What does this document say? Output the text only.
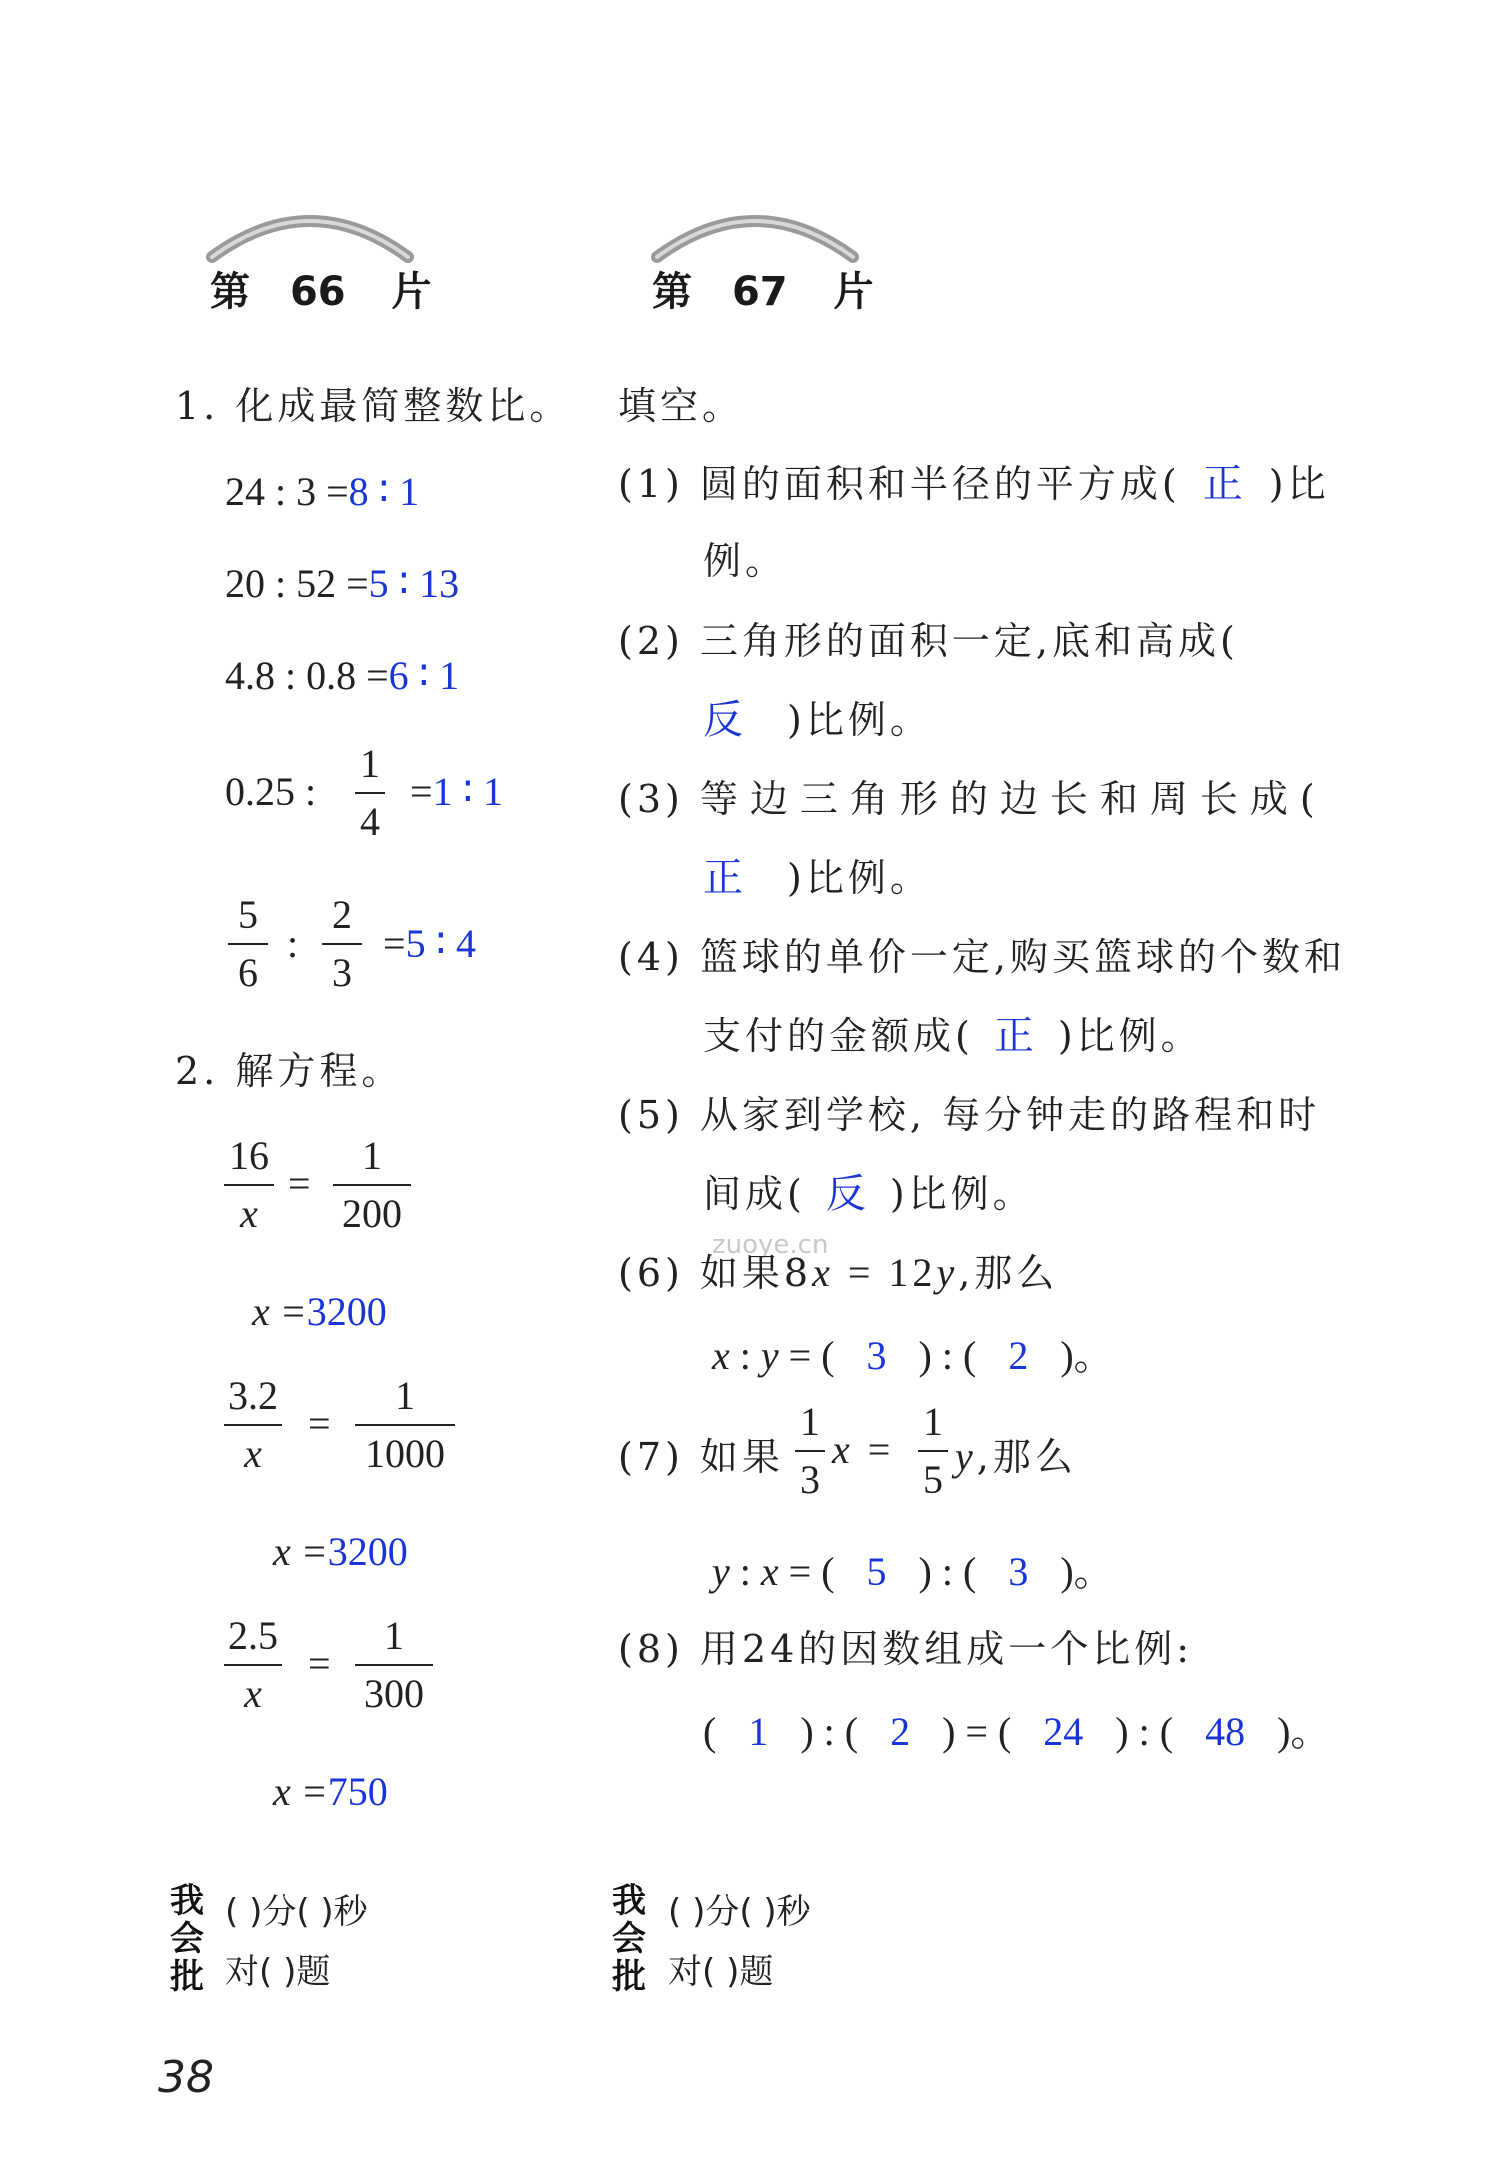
第 66 片
1. 化成最简整数比。
24 : 3 =8 ∶ 1
20 : 52 =5 ∶ 13
4.8 : 0.8 =6 ∶ 1
0.25 :
1
4
=1 ∶ 1
5
6
:
2
3
=5 ∶ 4
2. 解方程。
16
x
=
1
200
x =3200
3.2
x
=
1
1000
x =3200
2.5
x
=
1
300
x =750
我
会
批
( )分( )秒
对( )题
第 67 片
填空。
(1) 圆的面积和半径的平方成( 正 )比
例。
(2) 三角形的面积一定,底和高成(
反 )比例。
(3) 等边三角形的边长和周长成(
正 )比例。
(4) 篮球的单价一定,购买篮球的个数和
支付的金额成( 正 )比例。
(5) 从家到学校, 每分钟走的路程和时
间成( 反 )比例。
zuoye.cn
(6) 如果8x = 12y,那么
x : y = ( 3 ) : ( 2 )。
(7) 如果
1
3
x =
1
5
y,那么
y : x = ( 5 ) : ( 3 )。
(8) 用24的因数组成一个比例:
( 1 ) : ( 2 ) = ( 24 ) : ( 48 )。
我
会
批
( )分( )秒
对( )题
38
